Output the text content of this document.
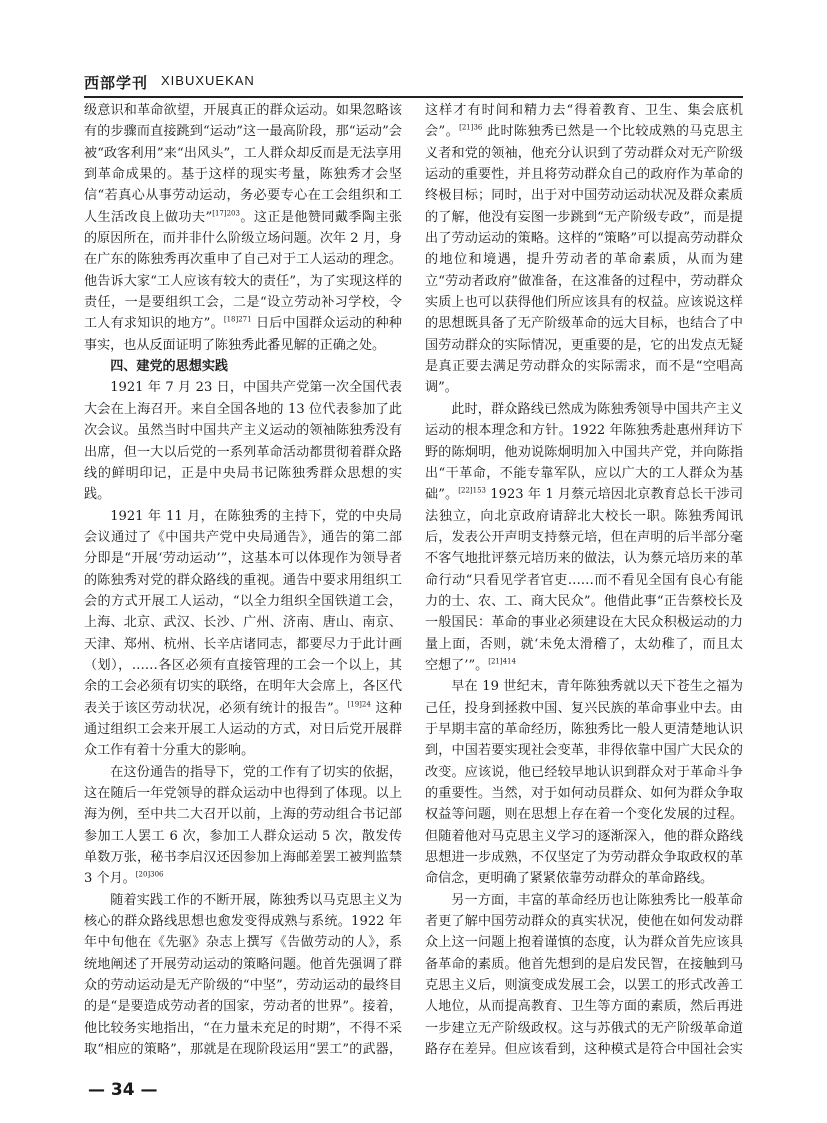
西部学刊 XIBUXUEKAN

级意识和革命欲望，开展真正的群众运动。如果忽略该有的步骤而直接跳到“运动”这一最高阶段，那“运动”会被“政客利用”来“出风头”，工人群众却反而是无法享用到革命成果的。基于这样的现实考量，陈独秀才会坚信“若真心从事劳动运动，务必要专心在工会组织和工人生活改良上做功夫”$^{[17]203}$。这正是他赞同戴季陶主张的原因所在，而并非什么阶级立场问题。次年 2 月，身在广东的陈独秀再次重申了自己对于工人运动的理念。他告诉大家“工人应该有较大的责任”，为了实现这样的责任，一是要组织工会，二是“设立劳动补习学校，令工人有求知识的地方”。$^{[18]271}$ 日后中国群众运动的种种事实，也从反面证明了陈独秀此番见解的正确之处。

四、建党的思想实践

1921 年 7 月 23 日，中国共产党第一次全国代表大会在上海召开。来自全国各地的 13 位代表参加了此次会议。虽然当时中国共产主义运动的领袖陈独秀没有出席，但一大以后党的一系列革命活动都贯彻着群众路线的鲜明印记，正是中央局书记陈独秀群众思想的实践。

1921 年 11 月，在陈独秀的主持下，党的中央局会议通过了《中国共产党中央局通告》，通告的第二部分即是“开展‘劳动运动’”，这基本可以体现作为领导者的陈独秀对党的群众路线的重视。通告中要求用组织工会的方式开展工人运动，“以全力组织全国铁道工会，上海、北京、武汉、长沙、广州、济南、唐山、南京、天津、郑州、杭州、长辛店诸同志，都要尽力于此计画（划），……各区必须有直接管理的工会一个以上，其余的工会必须有切实的联络，在明年大会席上，各区代表关于该区劳动状况，必须有统计的报告”。$^{[19]24}$ 这种通过组织工会来开展工人运动的方式，对日后党开展群众工作有着十分重大的影响。

在这份通告的指导下，党的工作有了切实的依据，这在随后一年党领导的群众运动中也得到了体现。以上海为例，至中共二大召开以前，上海的劳动组合书记部参加工人罢工 6 次，参加工人群众运动 5 次，散发传单数万张，秘书李启汉还因参加上海邮差罢工被判监禁 3 个月。$^{[20]306}$

随着实践工作的不断开展，陈独秀以马克思主义为核心的群众路线思想也愈发变得成熟与系统。1922 年年中旬他在《先驱》杂志上撰写《告做劳动的人》，系统地阐述了开展劳动运动的策略问题。他首先强调了群众的劳动运动是无产阶级的“中坚”，劳动运动的最终目的是“是要造成劳动者的国家，劳动者的世界”。接着，他比较务实地指出，“在力量未充足的时期”，不得不采取“相应的策略”，那就是在现阶段运用“罢工”的武器，

这样才有时间和精力去“得着教育、卫生、集会底机会”。$^{[21]36}$ 此时陈独秀已然是一个比较成熟的马克思主义者和党的领袖，他充分认识到了劳动群众对无产阶级运动的重要性，并且将劳动群众自己的政府作为革命的终极目标；同时，出于对中国劳动运动状况及群众素质的了解，他没有妄图一步跳到“无产阶级专政”，而是提出了劳动运动的策略。这样的“策略”可以提高劳动群众的地位和境遇，提升劳动者的革命素质，从而为建立“劳动者政府”做准备，在这准备的过程中，劳动群众实质上也可以获得他们所应该具有的权益。应该说这样的思想既具备了无产阶级革命的远大目标，也结合了中国劳动群众的实际情况，更重要的是，它的出发点无疑是真正要去满足劳动群众的实际需求，而不是“空唱高调”。

此时，群众路线已然成为陈独秀领导中国共产主义运动的根本理念和方针。1922 年陈独秀赴惠州拜访下野的陈炯明，他劝说陈炯明加入中国共产党，并向陈指出“干革命，不能专靠军队，应以广大的工人群众为基础”。$^{[22]153}$ 1923 年 1 月蔡元培因北京教育总长干涉司法独立，向北京政府请辞北大校长一职。陈独秀闻讯后，发表公开声明支持蔡元培，但在声明的后半部分毫不客气地批评蔡元培历来的做法，认为蔡元培历来的革命行动“只看见学者官吏……而不看见全国有良心有能力的士、农、工、商大民众”。他借此事“正告蔡校长及一般国民：革命的事业必须建设在大民众积极运动的力量上面，否则，就‘未免太滑稽了，太幼稚了，而且太空想了’”。$^{[21]414}$

早在 19 世纪末，青年陈独秀就以天下苍生之福为己任，投身到拯救中国、复兴民族的革命事业中去。由于早期丰富的革命经历，陈独秀比一般人更清楚地认识到，中国若要实现社会变革，非得依靠中国广大民众的改变。应该说，他已经较早地认识到群众对于革命斗争的重要性。当然，对于如何动员群众、如何为群众争取权益等问题，则在思想上存在着一个变化发展的过程。但随着他对马克思主义学习的逐渐深入，他的群众路线思想进一步成熟，不仅坚定了为劳动群众争取政权的革命信念，更明确了紧紧依靠劳动群众的革命路线。

另一方面，丰富的革命经历也让陈独秀比一般革命者更了解中国劳动群众的真实状况，使他在如何发动群众上这一问题上抱着谨慎的态度，认为群众首先应该具备革命的素质。他首先想到的是启发民智，在接触到马克思主义后，则演变成发展工会，以罢工的形式改善工人地位，从而提高教育、卫生等方面的素质，然后再进一步建立无产阶级政权。这与苏俄式的无产阶级革命道路存在差异。但应该看到，这种模式是符合中国社会实

— 34 —
